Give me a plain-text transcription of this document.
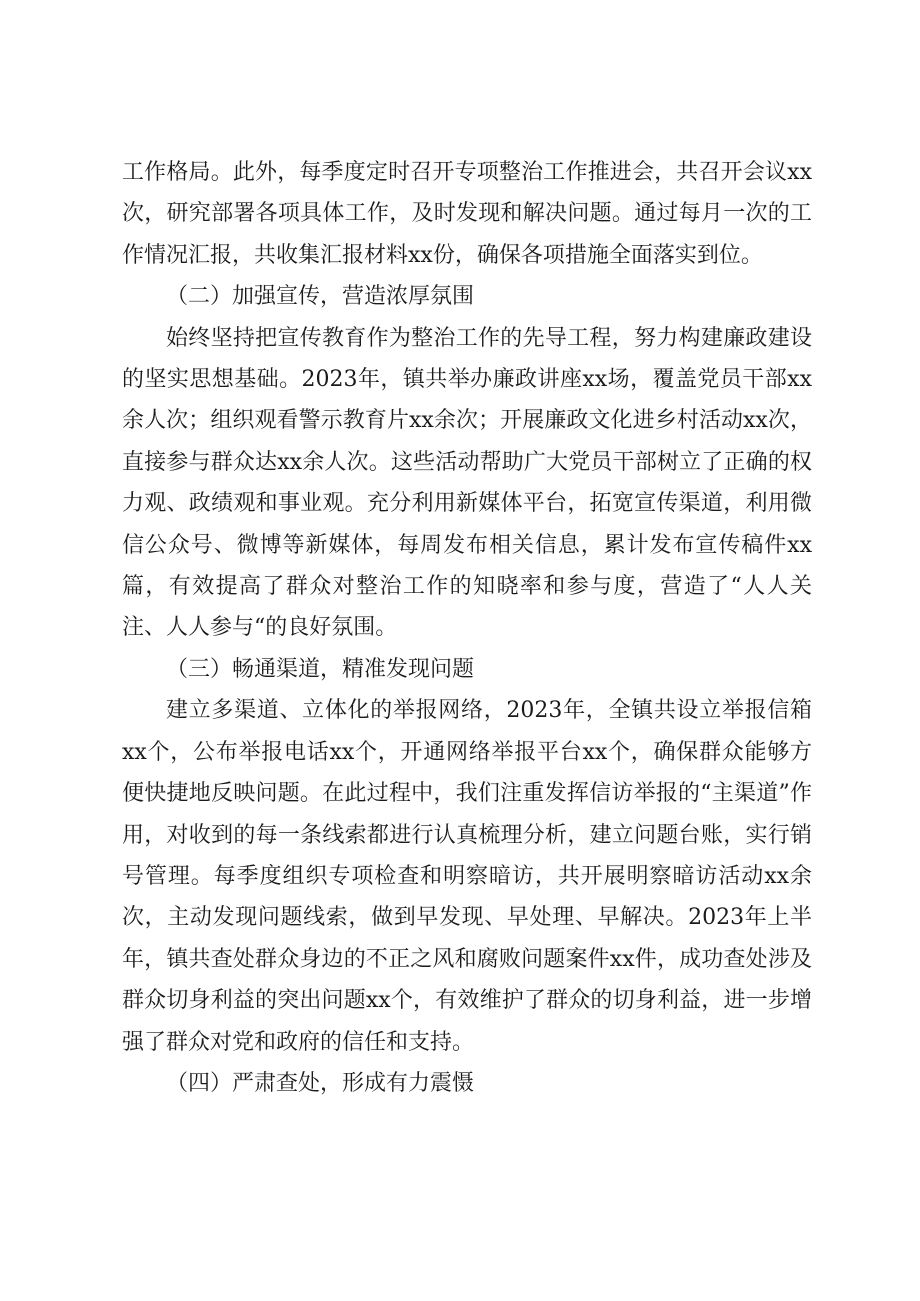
工作格局。此外，每季度定时召开专项整治工作推进会，共召开会议xx次，研究部署各项具体工作，及时发现和解决问题。通过每月一次的工作情况汇报，共收集汇报材料xx份，确保各项措施全面落实到位。

（二）加强宣传，营造浓厚氛围

始终坚持把宣传教育作为整治工作的先导工程，努力构建廉政建设的坚实思想基础。2023年，镇共举办廉政讲座xx场，覆盖党员干部xx余人次；组织观看警示教育片xx余次；开展廉政文化进乡村活动xx次，直接参与群众达xx余人次。这些活动帮助广大党员干部树立了正确的权力观、政绩观和事业观。充分利用新媒体平台，拓宽宣传渠道，利用微信公众号、微博等新媒体，每周发布相关信息，累计发布宣传稿件xx篇，有效提高了群众对整治工作的知晓率和参与度，营造了“人人关注、人人参与“的良好氛围。

（三）畅通渠道，精准发现问题

建立多渠道、立体化的举报网络，2023年，全镇共设立举报信箱xx个，公布举报电话xx个，开通网络举报平台xx个，确保群众能够方便快捷地反映问题。在此过程中，我们注重发挥信访举报的“主渠道”作用，对收到的每一条线索都进行认真梳理分析，建立问题台账，实行销号管理。每季度组织专项检查和明察暗访，共开展明察暗访活动xx余次，主动发现问题线索，做到早发现、早处理、早解决。2023年上半年，镇共查处群众身边的不正之风和腐败问题案件xx件，成功查处涉及群众切身利益的突出问题xx个，有效维护了群众的切身利益，进一步增强了群众对党和政府的信任和支持。

（四）严肃查处，形成有力震慑
